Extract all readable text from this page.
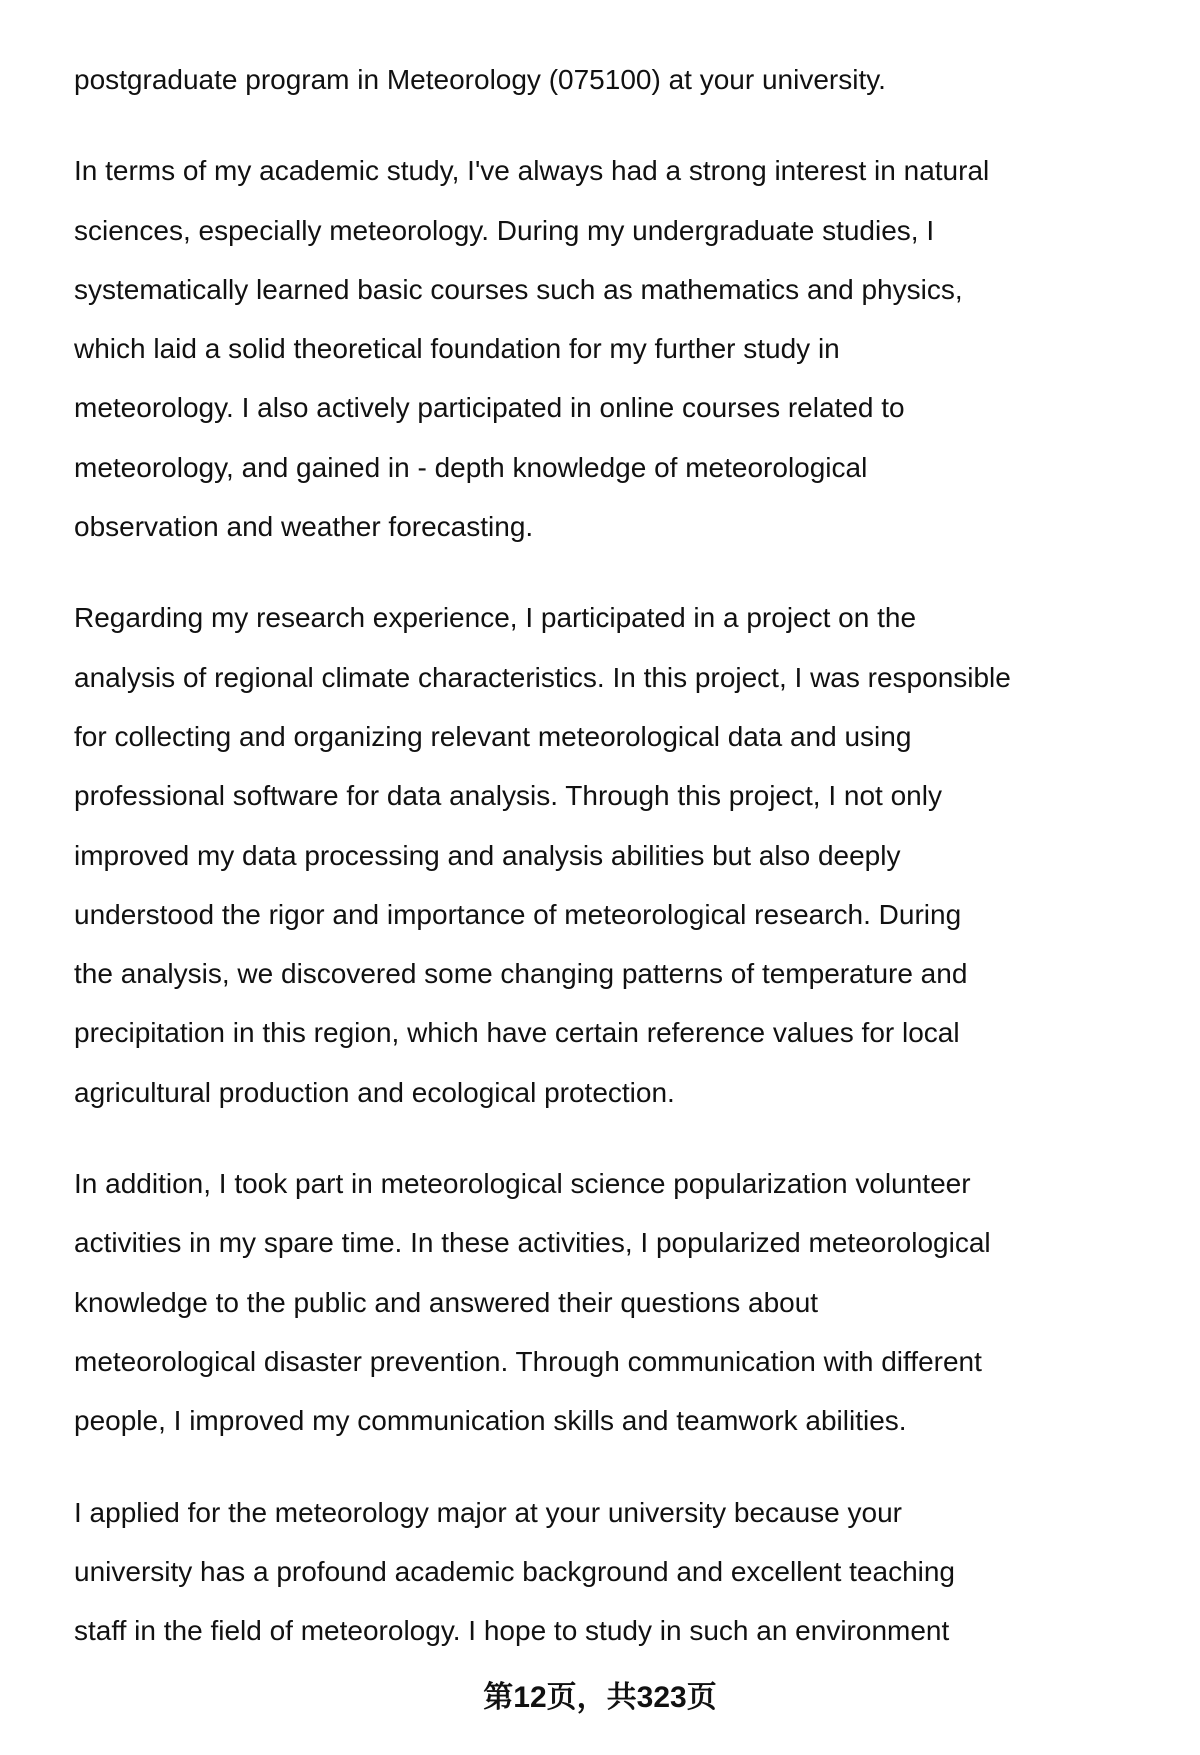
postgraduate program in Meteorology (075100) at your university.
In terms of my academic study, I've always had a strong interest in natural
sciences, especially meteorology. During my undergraduate studies, I
systematically learned basic courses such as mathematics and physics,
which laid a solid theoretical foundation for my further study in
meteorology. I also actively participated in online courses related to
meteorology, and gained in - depth knowledge of meteorological
observation and weather forecasting.
Regarding my research experience, I participated in a project on the
analysis of regional climate characteristics. In this project, I was responsible
for collecting and organizing relevant meteorological data and using
professional software for data analysis. Through this project, I not only
improved my data processing and analysis abilities but also deeply
understood the rigor and importance of meteorological research. During
the analysis, we discovered some changing patterns of temperature and
precipitation in this region, which have certain reference values for local
agricultural production and ecological protection.
In addition, I took part in meteorological science popularization volunteer
activities in my spare time. In these activities, I popularized meteorological
knowledge to the public and answered their questions about
meteorological disaster prevention. Through communication with different
people, I improved my communication skills and teamwork abilities.
I applied for the meteorology major at your university because your
university has a profound academic background and excellent teaching
staff in the field of meteorology. I hope to study in such an environment
第12页，共323页
